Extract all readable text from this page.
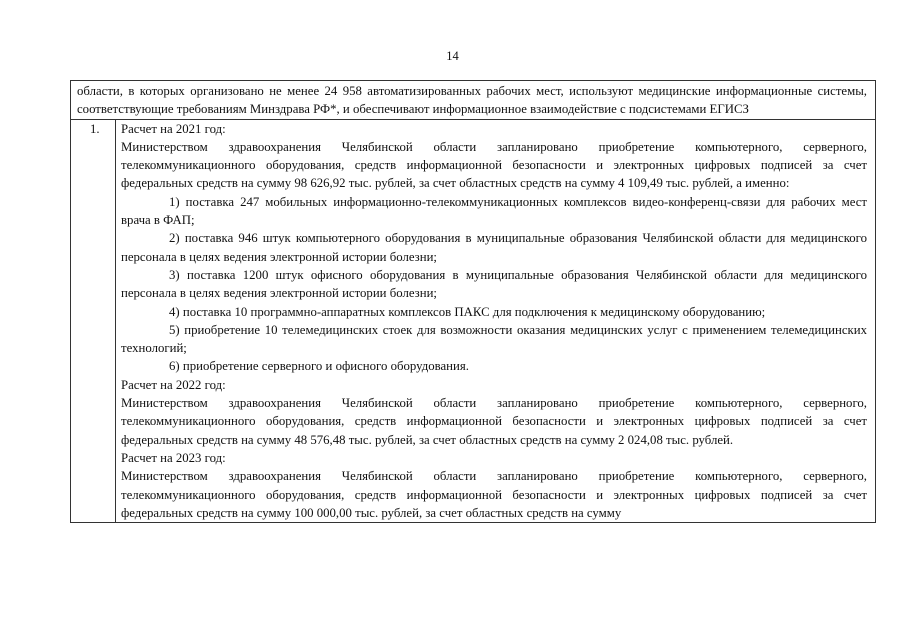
14
области, в которых организовано не менее 24 958 автоматизированных рабочих мест, используют медицинские информационные системы, соответствующие требованиям Минздрава РФ*, и обеспечивают информационное взаимодействие с подсистемами ЕГИСЗ
1.	Расчет на 2021 год:

Министерством здравоохранения Челябинской области запланировано приобретение компьютерного, серверного, телекоммуникационного оборудования, средств информационной безопасности и электронных цифровых подписей за счет федеральных средств на сумму 98 626,92 тыс. рублей, за счет областных средств на сумму 4 109,49 тыс. рублей, а именно:

1) поставка 247 мобильных информационно-телекоммуникационных комплексов видео-конференц-связи для рабочих мест врача в ФАП;

2) поставка 946 штук компьютерного оборудования в муниципальные образования Челябинской области для медицинского персонала в целях ведения электронной истории болезни;

3) поставка 1200 штук офисного оборудования в муниципальные образования Челябинской области для медицинского персонала в целях ведения электронной истории болезни;

4) поставка 10 программно-аппаратных комплексов ПАКС для подключения к медицинскому оборудованию;

5) приобретение 10 телемедицинских стоек для возможности оказания медицинских услуг с применением телемедицинских технологий;

6) приобретение серверного и офисного оборудования.

Расчет на 2022 год:

Министерством здравоохранения Челябинской области запланировано приобретение компьютерного, серверного, телекоммуникационного оборудования, средств информационной безопасности и электронных цифровых подписей за счет федеральных средств на сумму 48 576,48 тыс. рублей, за счет областных средств на сумму 2 024,08 тыс. рублей.

Расчет на 2023 год:

Министерством здравоохранения Челябинской области запланировано приобретение компьютерного, серверного, телекоммуникационного оборудования, средств информационной безопасности и электронных цифровых подписей за счет федеральных средств на сумму 100 000,00 тыс. рублей, за счет областных средств на сумму
